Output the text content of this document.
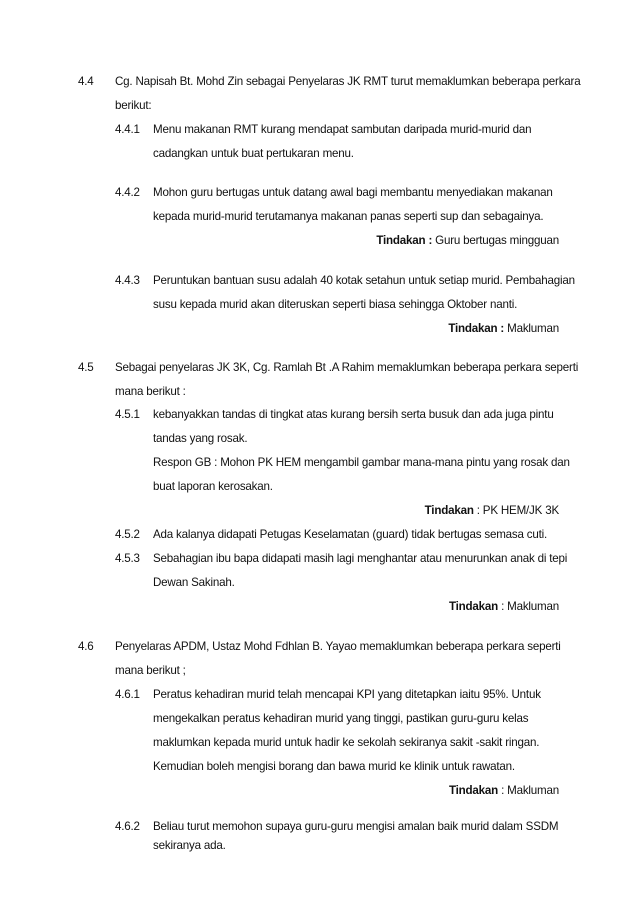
4.4 Cg. Napisah Bt. Mohd Zin sebagai Penyelaras JK RMT turut memaklumkan beberapa perkara
berikut:
4.4.1 Menu makanan RMT kurang mendapat sambutan daripada murid-murid dan
cadangkan untuk buat pertukaran menu.
4.4.2 Mohon guru bertugas untuk datang awal bagi membantu menyediakan makanan
kepada murid-murid terutamanya makanan panas seperti sup dan sebagainya.
Tindakan : Guru bertugas mingguan
4.4.3 Peruntukan bantuan susu adalah 40 kotak setahun untuk setiap murid. Pembahagian
susu kepada murid akan diteruskan seperti biasa sehingga Oktober nanti.
Tindakan : Makluman
4.5 Sebagai penyelaras JK 3K, Cg. Ramlah Bt .A Rahim memaklumkan beberapa perkara seperti
mana berikut :
4.5.1 kebanyakkan tandas di tingkat atas kurang bersih serta busuk dan ada juga pintu
tandas yang rosak.
Respon GB : Mohon PK HEM mengambil gambar mana-mana pintu yang rosak dan
buat laporan kerosakan.
Tindakan : PK HEM/JK 3K
4.5.2 Ada kalanya didapati Petugas Keselamatan (guard) tidak bertugas semasa cuti.
4.5.3 Sebahagian ibu bapa didapati masih lagi menghantar atau menurunkan anak di tepi
Dewan Sakinah.
Tindakan : Makluman
4.6 Penyelaras APDM, Ustaz Mohd Fdhlan B. Yayao memaklumkan beberapa perkara seperti
mana berikut ;
4.6.1 Peratus kehadiran murid telah mencapai KPI yang ditetapkan iaitu 95%. Untuk
mengekalkan peratus kehadiran murid yang tinggi, pastikan guru-guru kelas
maklumkan kepada murid untuk hadir ke sekolah sekiranya sakit -sakit ringan.
Kemudian boleh mengisi borang dan bawa murid ke klinik untuk rawatan.
Tindakan : Makluman
4.6.2 Beliau turut memohon supaya guru-guru mengisi amalan baik murid dalam SSDM
sekiranya ada.
